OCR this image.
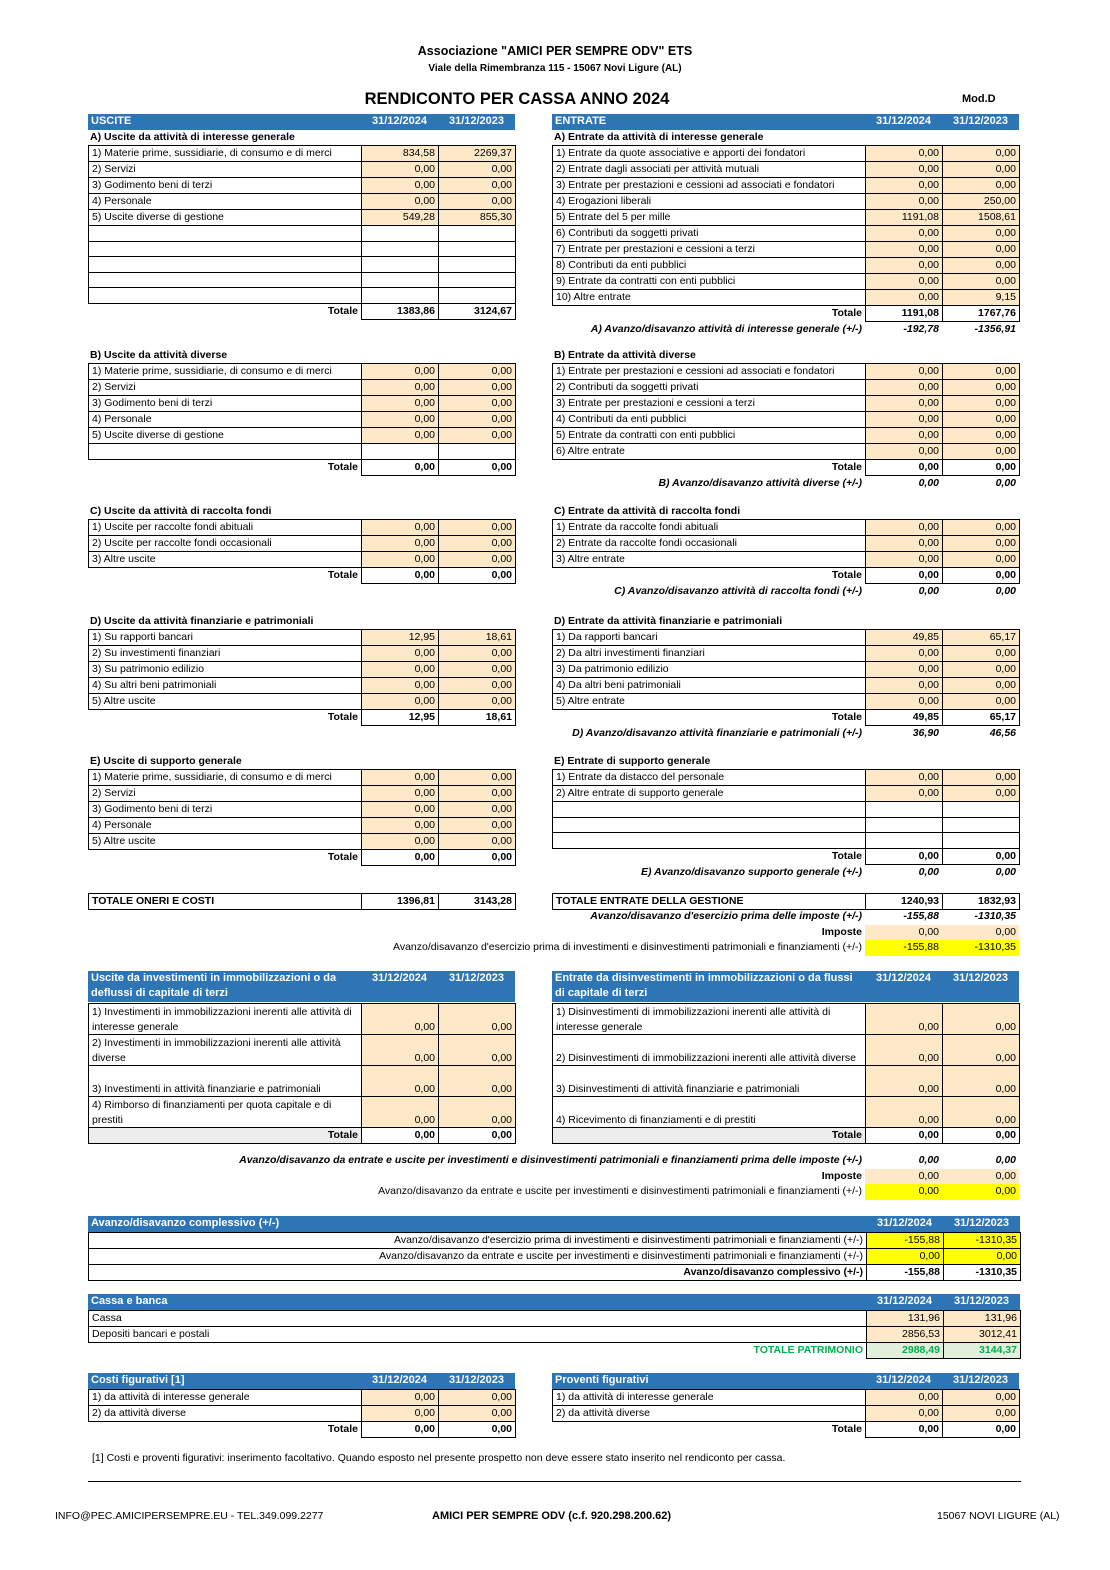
Associazione "AMICI PER SEMPRE ODV" ETS
Viale della Rimembranza 115 - 15067 Novi Ligure (AL)
RENDICONTO PER CASSA ANNO 2024	Mod.D
USCITE	31/12/2024	31/12/2023	ENTRATE	31/12/2024	31/12/2023
A) Uscite da attività di interesse generale
1) Materie prime, sussidiarie, di consumo e di merci	834,58	2269,37
2) Servizi	0,00	0,00
3) Godimento beni di terzi	0,00	0,00
4) Personale	0,00	0,00
5) Uscite diverse di gestione	549,28	855,30

Totale	1383,86	3124,67
A) Entrate da attività di interesse generale
1) Entrate da quote associative e apporti dei fondatori	0,00	0,00
2) Entrate dagli associati per attività mutuali	0,00	0,00
3) Entrate per prestazioni e cessioni ad associati e fondatori	0,00	0,00
4) Erogazioni liberali	0,00	250,00
5) Entrate del 5 per mille	1191,08	1508,61
6) Contributi da soggetti privati	0,00	0,00
7) Entrate per prestazioni e cessioni a terzi	0,00	0,00
8) Contributi da enti pubblici	0,00	0,00
9) Entrate da contratti con enti pubblici	0,00	0,00
10) Altre entrate	0,00	9,15
Totale	1191,08	1767,76
A) Avanzo/disavanzo attività di interesse generale (+/-)	-192,78	-1356,91
B) Uscite da attività diverse
1) Materie prime, sussidiarie, di consumo e di merci	0,00	0,00
2) Servizi	0,00	0,00
3) Godimento beni di terzi	0,00	0,00
4) Personale	0,00	0,00
5) Uscite diverse di gestione	0,00	0,00

Totale	0,00	0,00
B) Entrate da attività diverse
1) Entrate per prestazioni e cessioni ad associati e fondatori	0,00	0,00
2) Contributi da soggetti privati	0,00	0,00
3) Entrate per prestazioni e cessioni a terzi	0,00	0,00
4) Contributi da enti pubblici	0,00	0,00
5) Entrate da contratti con enti pubblici	0,00	0,00
6) Altre entrate	0,00	0,00
Totale	0,00	0,00
B) Avanzo/disavanzo attività diverse (+/-)	0,00	0,00
C) Uscite da attività di raccolta fondi
1) Uscite per raccolte fondi abituali	0,00	0,00
2) Uscite per raccolte fondi occasionali	0,00	0,00
3) Altre uscite	0,00	0,00
Totale	0,00	0,00
C) Entrate da attività di raccolta fondi
1) Entrate da raccolte fondi abituali	0,00	0,00
2) Entrate da raccolte fondi occasionali	0,00	0,00
3) Altre entrate	0,00	0,00
Totale	0,00	0,00
C) Avanzo/disavanzo attività di raccolta fondi (+/-)	0,00	0,00
D) Uscite da attività finanziarie e patrimoniali
1) Su rapporti bancari	12,95	18,61
2) Su investimenti finanziari	0,00	0,00
3) Su patrimonio edilizio	0,00	0,00
4) Su altri beni patrimoniali	0,00	0,00
5) Altre uscite	0,00	0,00
Totale	12,95	18,61
D) Entrate da attività finanziarie e patrimoniali
1) Da rapporti bancari	49,85	65,17
2) Da altri investimenti finanziari	0,00	0,00
3) Da patrimonio edilizio	0,00	0,00
4) Da altri beni patrimoniali	0,00	0,00
5) Altre entrate	0,00	0,00
Totale	49,85	65,17
D) Avanzo/disavanzo attività finanziarie e patrimoniali (+/-)	36,90	46,56
E) Uscite di supporto generale
1) Materie prime, sussidiarie, di consumo e di merci	0,00	0,00
2) Servizi	0,00	0,00
3) Godimento beni di terzi	0,00	0,00
4) Personale	0,00	0,00
5) Altre uscite	0,00	0,00
Totale	0,00	0,00
E) Entrate di supporto generale
1) Entrate da distacco del personale	0,00	0,00
2) Altre entrate di supporto generale	0,00	0,00

Totale	0,00	0,00
E) Avanzo/disavanzo supporto generale (+/-)	0,00	0,00
TOTALE ONERI E COSTI	1396,81	3143,28	TOTALE ENTRATE DELLA GESTIONE	1240,93	1832,93
Avanzo/disavanzo d'esercizio prima delle imposte (+/-)	-155,88	-1310,35
Imposte	0,00	0,00
Avanzo/disavanzo d'esercizio prima di investimenti e disinvestimenti patrimoniali e finanziamenti (+/-)	-155,88	-1310,35
Uscite da investimenti in immobilizzazioni o da deflussi di capitale di terzi	31/12/2024	31/12/2023	Entrate da disinvestimenti in immobilizzazioni o da flussi di capitale di terzi	31/12/2024	31/12/2023
1) Investimenti in immobilizzazioni inerenti alle attività di interesse generale	0,00	0,00
2) Investimenti in immobilizzazioni inerenti alle attività diverse	0,00	0,00
3) Investimenti in attività finanziarie e patrimoniali	0,00	0,00
4) Rimborso di finanziamenti per quota capitale e di prestiti	0,00	0,00
Totale	0,00	0,00
1) Disinvestimenti di immobilizzazioni inerenti alle attività di interesse generale	0,00	0,00
2) Disinvestimenti di immobilizzazioni inerenti alle attività diverse	0,00	0,00
3) Disinvestimenti di attività finanziarie e patrimoniali	0,00	0,00
4) Ricevimento di finanziamenti e di prestiti	0,00	0,00
Totale	0,00	0,00
Avanzo/disavanzo da entrate e uscite per investimenti e disinvestimenti patrimoniali e finanziamenti prima delle imposte (+/-)	0,00	0,00
Imposte	0,00	0,00
Avanzo/disavanzo da entrate e uscite per investimenti e disinvestimenti patrimoniali e finanziamenti (+/-)	0,00	0,00
Avanzo/disavanzo complessivo (+/-)	31/12/2024	31/12/2023
Avanzo/disavanzo d'esercizio prima di investimenti e disinvestimenti patrimoniali e finanziamenti (+/-)	-155,88	-1310,35
Avanzo/disavanzo da entrate e uscite per investimenti e disinvestimenti patrimoniali e finanziamenti (+/-)	0,00	0,00
Avanzo/disavanzo complessivo (+/-)	-155,88	-1310,35
Cassa e banca	31/12/2024	31/12/2023
Cassa	131,96	131,96
Depositi bancari e postali	2856,53	3012,41
TOTALE PATRIMONIO	2988,49	3144,37
Costi figurativi [1]	31/12/2024	31/12/2023	Proventi figurativi	31/12/2024	31/12/2023
1) da attività di interesse generale	0,00	0,00
2) da attività diverse	0,00	0,00
Totale	0,00	0,00
1) da attività di interesse generale	0,00	0,00
2) da attività diverse	0,00	0,00
Totale	0,00	0,00
[1] Costi e proventi figurativi: inserimento facoltativo. Quando esposto nel presente prospetto non deve essere stato inserito nel rendiconto per cassa.
INFO@PEC.AMICIPERSEMPRE.EU - TEL.349.099.2277	AMICI PER SEMPRE ODV (c.f. 920.298.200.62)	15067 NOVI LIGURE (AL)
